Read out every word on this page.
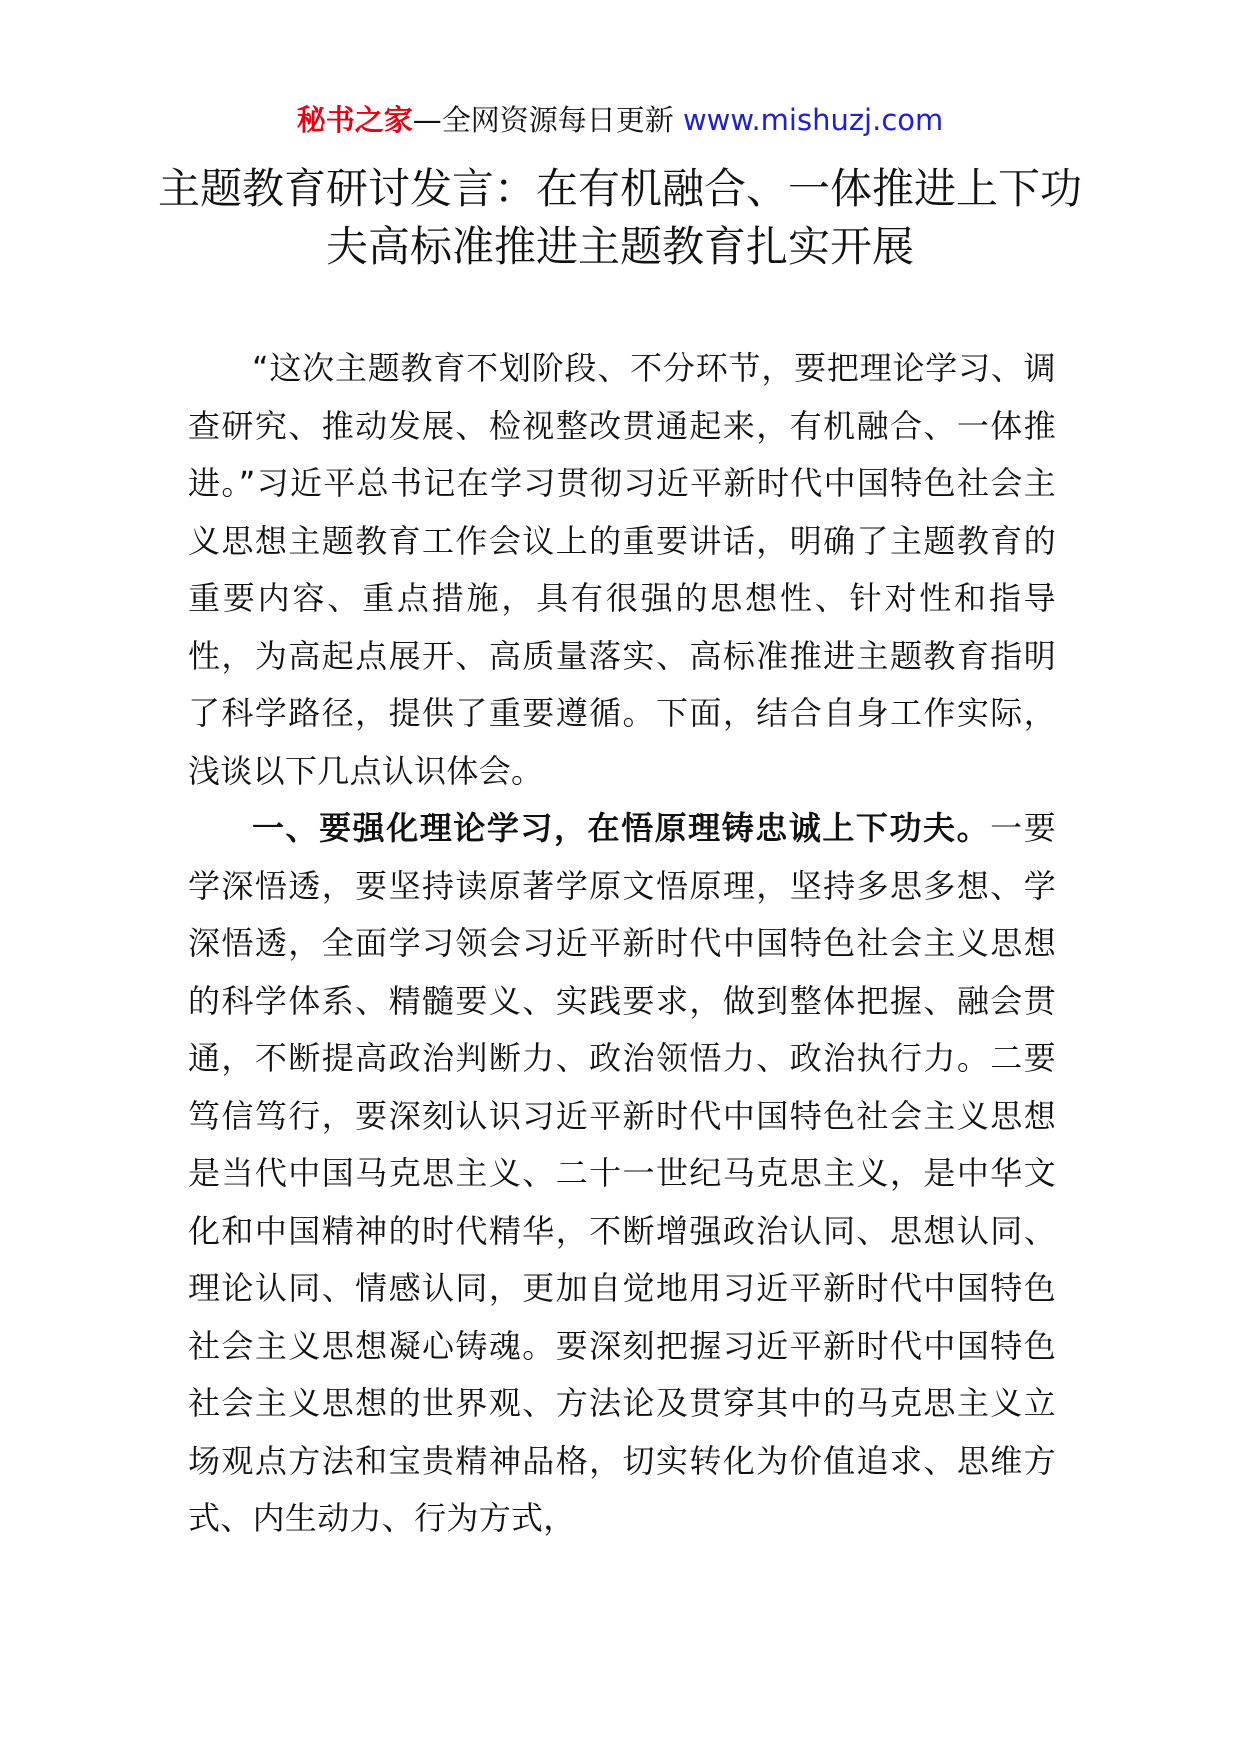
秘书之家—全网资源每日更新 www.mishuzj.com
主题教育研讨发言：在有机融合、一体推进上下功夫高标准推进主题教育扎实开展

“这次主题教育不划阶段、不分环节，要把理论学习、调查研究、推动发展、检视整改贯通起来，有机融合、一体推进。”习近平总书记在学习贯彻习近平新时代中国特色社会主义思想主题教育工作会议上的重要讲话，明确了主题教育的重要内容、重点措施，具有很强的思想性、针对性和指导性，为高起点展开、高质量落实、高标准推进主题教育指明了科学路径，提供了重要遵循。下面，结合自身工作实际，浅谈以下几点认识体会。

一、要强化理论学习，在悟原理铸忠诚上下功夫。一要学深悟透，要坚持读原著学原文悟原理，坚持多思多想、学深悟透，全面学习领会习近平新时代中国特色社会主义思想的科学体系、精髓要义、实践要求，做到整体把握、融会贯通，不断提高政治判断力、政治领悟力、政治执行力。二要笃信笃行，要深刻认识习近平新时代中国特色社会主义思想是当代中国马克思主义、二十一世纪马克思主义，是中华文化和中国精神的时代精华，不断增强政治认同、思想认同、理论认同、情感认同，更加自觉地用习近平新时代中国特色社会主义思想凝心铸魂。要深刻把握习近平新时代中国特色社会主义思想的世界观、方法论及贯穿其中的马克思主义立场观点方法和宝贵精神品格，切实转化为价值追求、思维方式、内生动力、行为方式，
